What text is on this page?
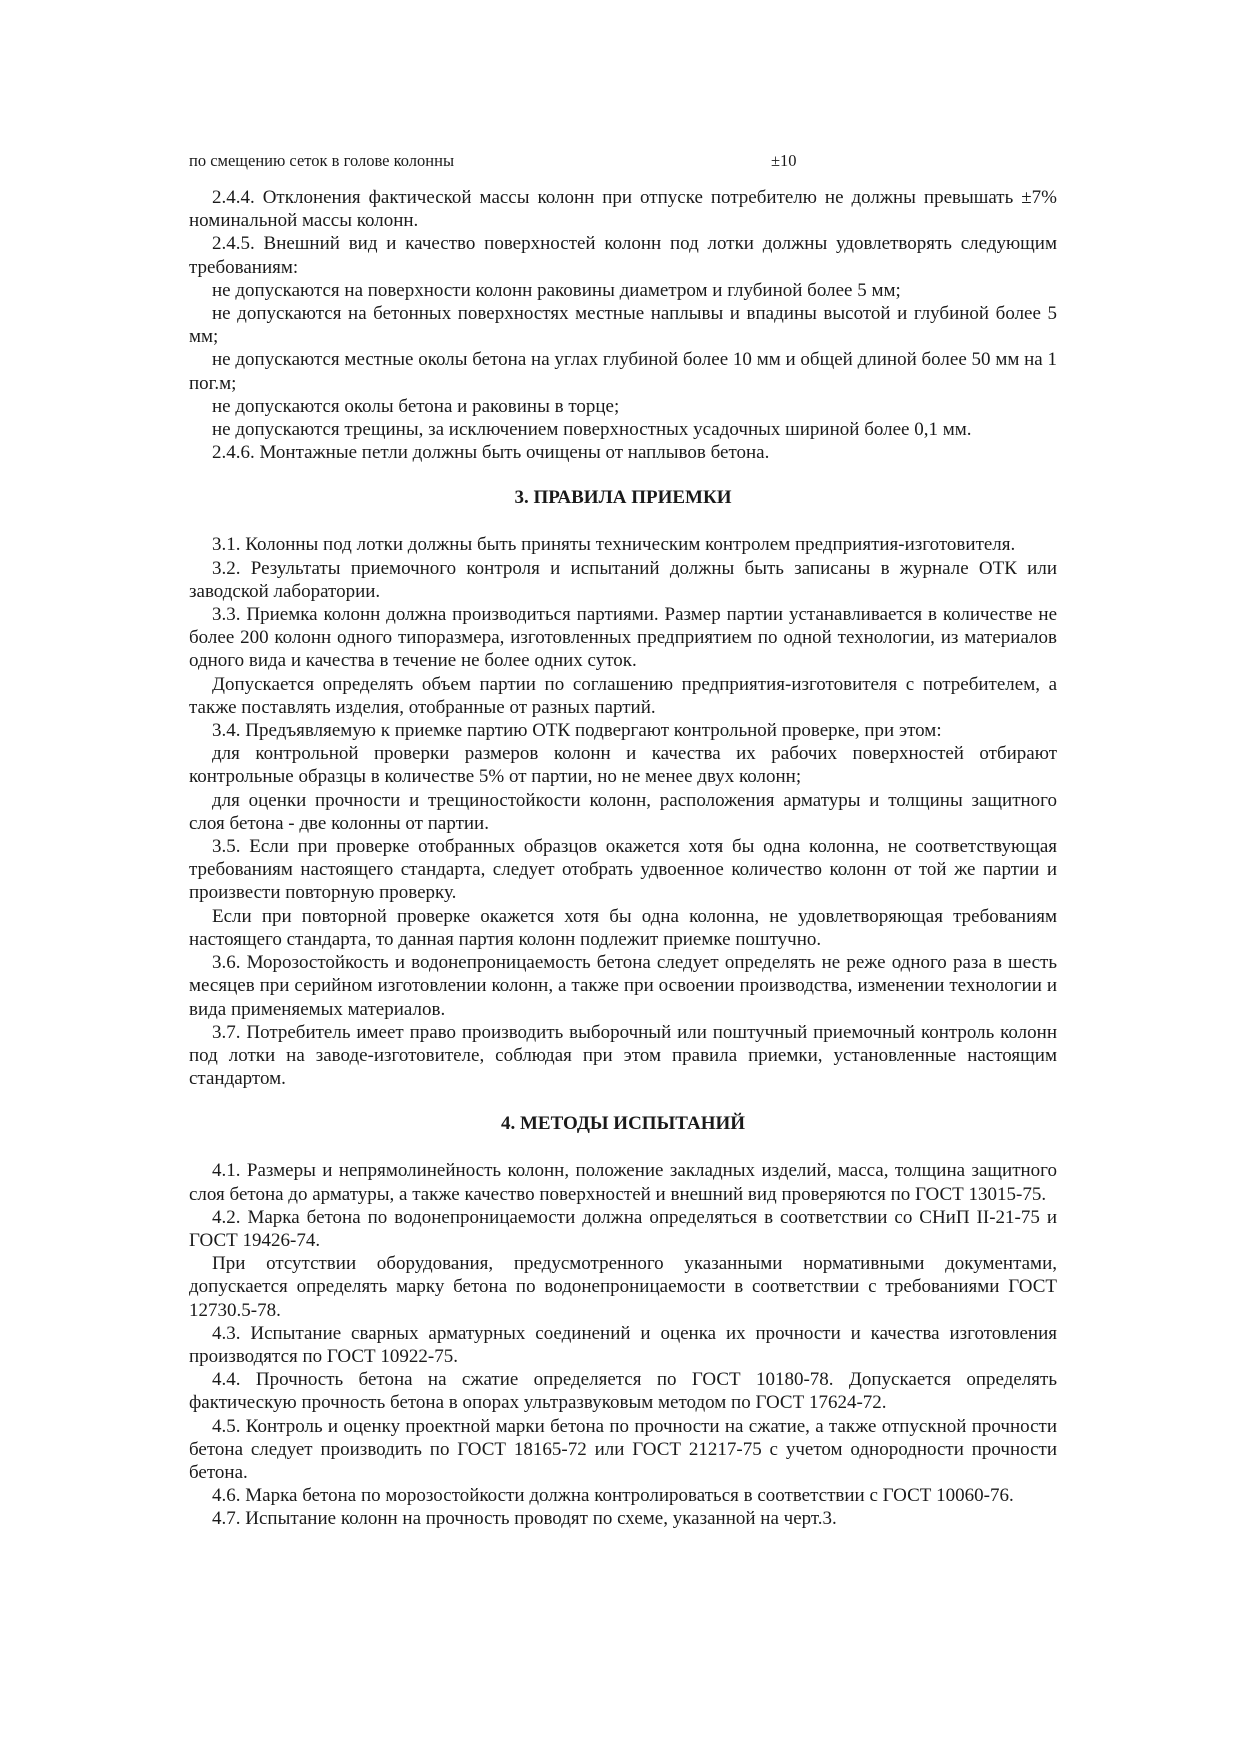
по смещению сеток в голове колонны	±10

2.4.4. Отклонения фактической массы колонн при отпуске потребителю не должны превышать ±7% номинальной массы колонн.

2.4.5. Внешний вид и качество поверхностей колонн под лотки должны удовлетворять следующим требованиям:

не допускаются на поверхности колонн раковины диаметром и глубиной более 5 мм;

не допускаются на бетонных поверхностях местные наплывы и впадины высотой и глубиной более 5 мм;

не допускаются местные околы бетона на углах глубиной более 10 мм и общей длиной более 50 мм на 1 пог.м;

не допускаются околы бетона и раковины в торце;

не допускаются трещины, за исключением поверхностных усадочных шириной более 0,1 мм.

2.4.6. Монтажные петли должны быть очищены от наплывов бетона.

3. ПРАВИЛА ПРИЕМКИ

3.1. Колонны под лотки должны быть приняты техническим контролем предприятия-изготовителя.

3.2. Результаты приемочного контроля и испытаний должны быть записаны в журнале ОТК или заводской лаборатории.

3.3. Приемка колонн должна производиться партиями. Размер партии устанавливается в количестве не более 200 колонн одного типоразмера, изготовленных предприятием по одной технологии, из материалов одного вида и качества в течение не более одних суток.

Допускается определять объем партии по соглашению предприятия-изготовителя с потребителем, а также поставлять изделия, отобранные от разных партий.

3.4. Предъявляемую к приемке партию ОТК подвергают контрольной проверке, при этом:

для контрольной проверки размеров колонн и качества их рабочих поверхностей отбирают контрольные образцы в количестве 5% от партии, но не менее двух колонн;

для оценки прочности и трещиностойкости колонн, расположения арматуры и толщины защитного слоя бетона - две колонны от партии.

3.5. Если при проверке отобранных образцов окажется хотя бы одна колонна, не соответствующая требованиям настоящего стандарта, следует отобрать удвоенное количество колонн от той же партии и произвести повторную проверку.

Если при повторной проверке окажется хотя бы одна колонна, не удовлетворяющая требованиям настоящего стандарта, то данная партия колонн подлежит приемке поштучно.

3.6. Морозостойкость и водонепроницаемость бетона следует определять не реже одного раза в шесть месяцев при серийном изготовлении колонн, а также при освоении производства, изменении технологии и вида применяемых материалов.

3.7. Потребитель имеет право производить выборочный или поштучный приемочный контроль колонн под лотки на заводе-изготовителе, соблюдая при этом правила приемки, установленные настоящим стандартом.

4. МЕТОДЫ ИСПЫТАНИЙ

4.1. Размеры и непрямолинейность колонн, положение закладных изделий, масса, толщина защитного слоя бетона до арматуры, а также качество поверхностей и внешний вид проверяются по ГОСТ 13015-75.

4.2. Марка бетона по водонепроницаемости должна определяться в соответствии со СНиП II-21-75 и ГОСТ 19426-74.

При отсутствии оборудования, предусмотренного указанными нормативными документами, допускается определять марку бетона по водонепроницаемости в соответствии с требованиями ГОСТ 12730.5-78.

4.3. Испытание сварных арматурных соединений и оценка их прочности и качества изготовления производятся по ГОСТ 10922-75.

4.4. Прочность бетона на сжатие определяется по ГОСТ 10180-78. Допускается определять фактическую прочность бетона в опорах ультразвуковым методом по ГОСТ 17624-72.

4.5. Контроль и оценку проектной марки бетона по прочности на сжатие, а также отпускной прочности бетона следует производить по ГОСТ 18165-72 или ГОСТ 21217-75 с учетом однородности прочности бетона.

4.6. Марка бетона по морозостойкости должна контролироваться в соответствии с ГОСТ 10060-76.

4.7. Испытание колонн на прочность проводят по схеме, указанной на черт.3.
